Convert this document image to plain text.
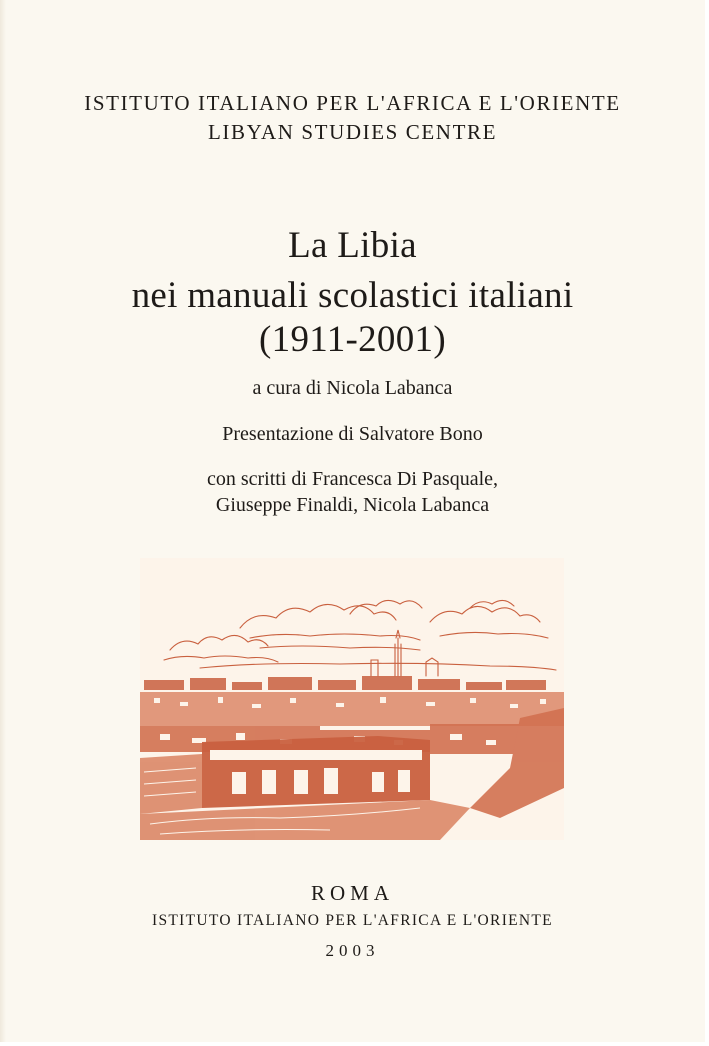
ISTITUTO ITALIANO PER L'AFRICA E L'ORIENTE

LIBYAN STUDIES CENTRE

La Libia

nei manuali scolastici italiani

(1911-2001)

a cura di Nicola Labanca

Presentazione di Salvatore Bono

con scritti di Francesca Di Pasquale,

Giuseppe Finaldi, Nicola Labanca

ROMA

ISTITUTO ITALIANO PER L'AFRICA E L'ORIENTE

2003
